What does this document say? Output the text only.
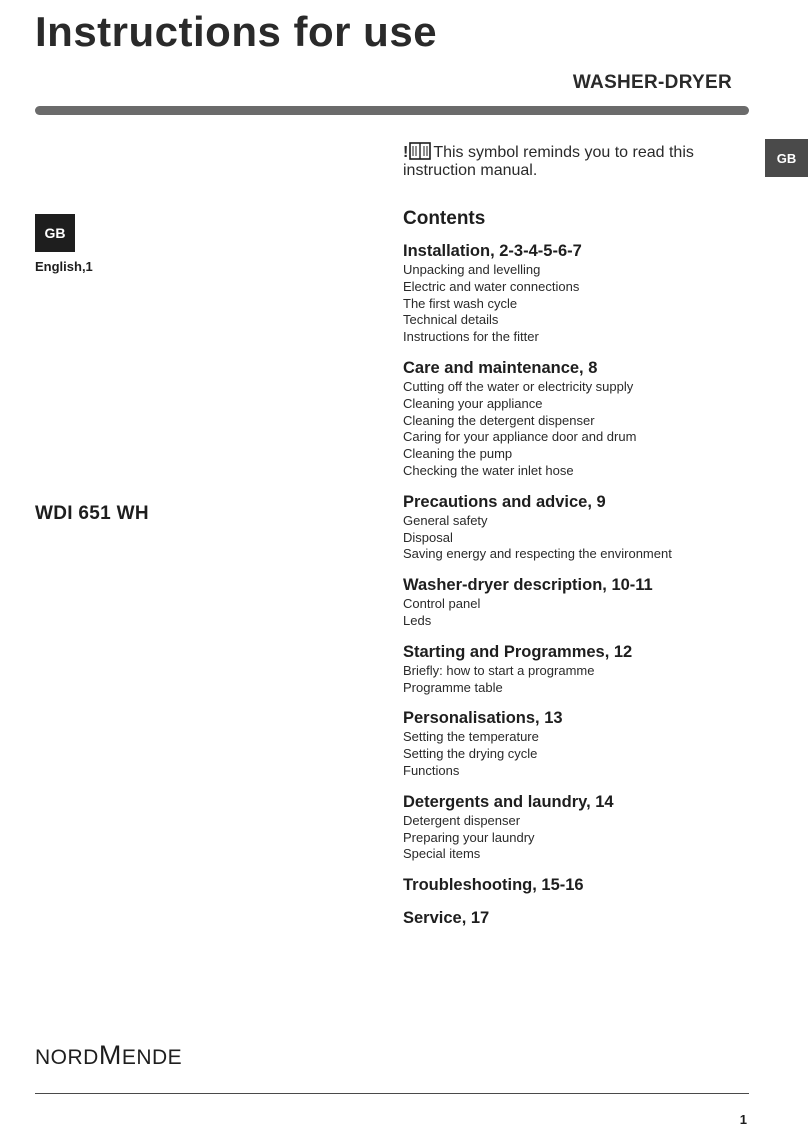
Instructions for use
WASHER-DRYER
GB
GB
English,1
WDI 651 WH
! This symbol reminds you to read this instruction manual.
Contents
Installation, 2-3-4-5-6-7
Unpacking and levelling
Electric and water connections
The first wash cycle
Technical details
Instructions for the fitter
Care and maintenance, 8
Cutting off the water or electricity supply
Cleaning your appliance
Cleaning the detergent dispenser
Caring for your appliance door and drum
Cleaning the pump
Checking the water inlet hose
Precautions and advice, 9
General safety
Disposal
Saving energy and respecting the environment
Washer-dryer description, 10-11
Control panel
Leds
Starting and Programmes, 12
Briefly: how to start a programme
Programme table
Personalisations, 13
Setting the temperature
Setting the drying cycle
Functions
Detergents and laundry, 14
Detergent dispenser
Preparing your laundry
Special items
Troubleshooting, 15-16
Service, 17
NORDMENDE
1
